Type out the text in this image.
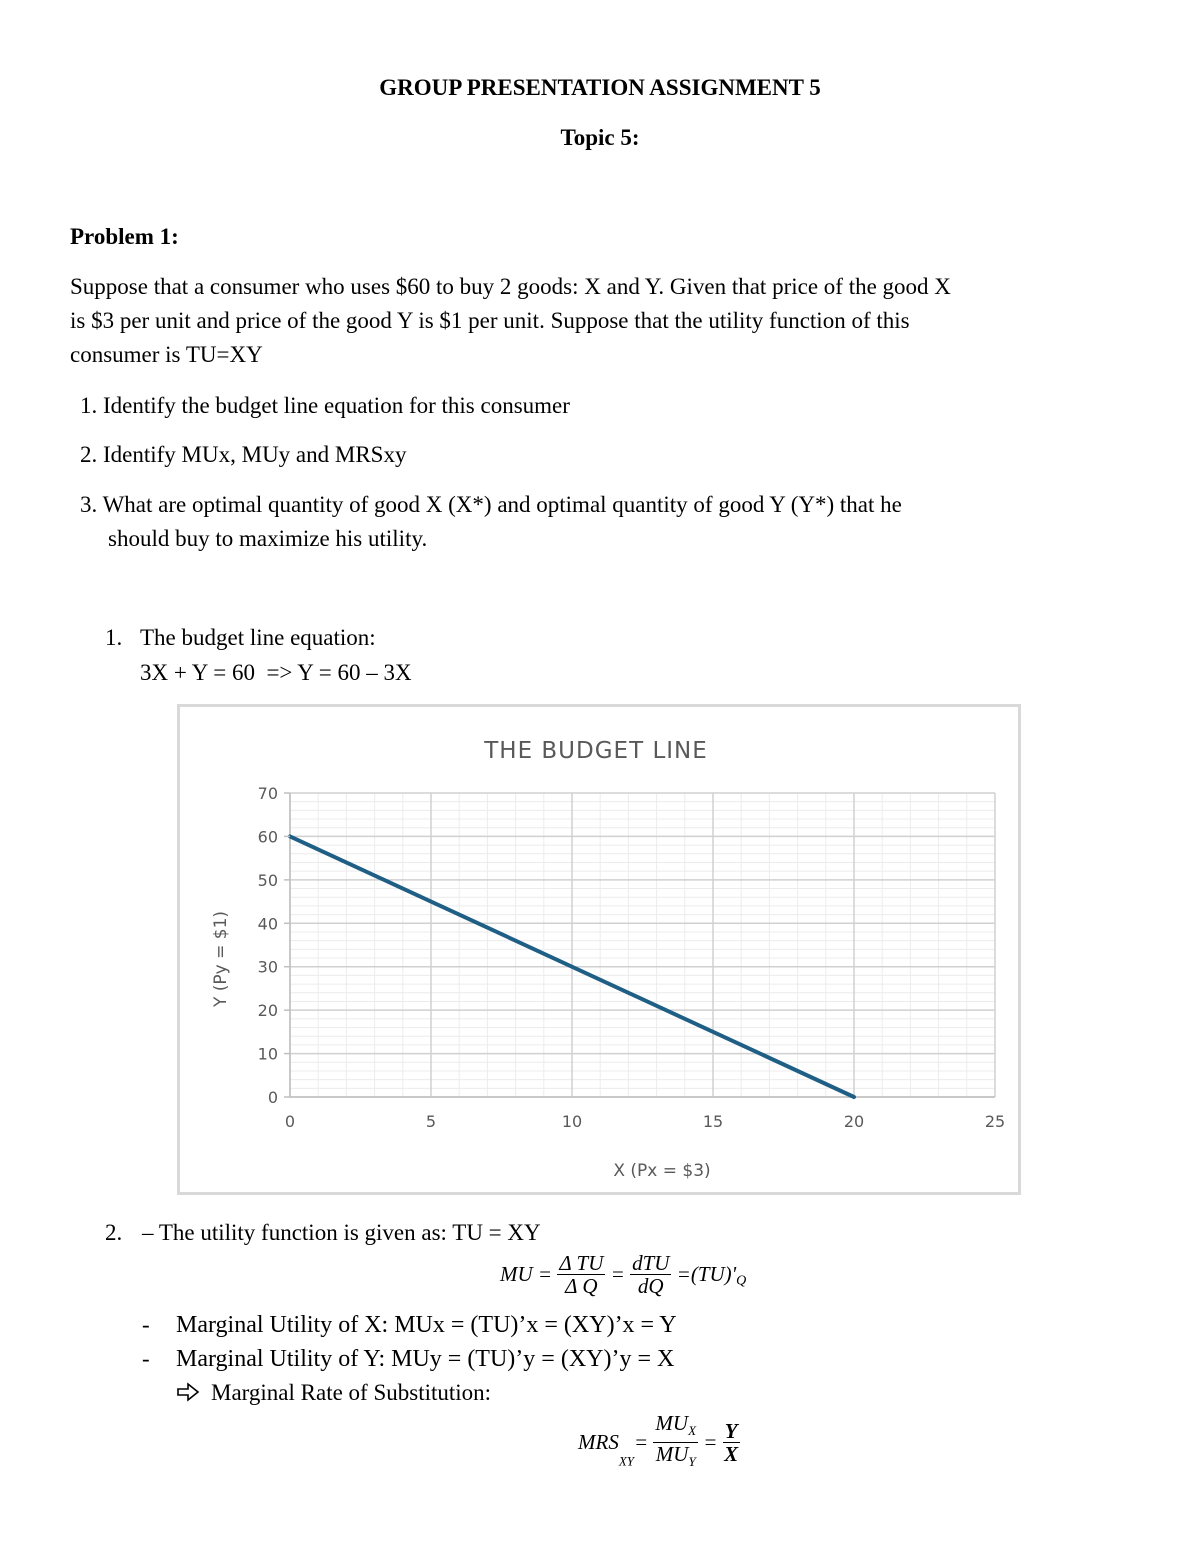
GROUP PRESENTATION ASSIGNMENT 5
Topic 5:
Problem 1:
Suppose that a consumer who uses $60 to buy 2 goods: X and Y. Given that price of the good X
is $3 per unit and price of the good Y is $1 per unit. Suppose that the utility function of this
consumer is TU=XY
1. Identify the budget line equation for this consumer
2. Identify MUx, MUy and MRSxy
3. What are optimal quantity of good X (X*) and optimal quantity of good Y (Y*) that he
should buy to maximize his utility.
1. The budget line equation:
3X + Y = 60  => Y = 60 – 3X
THE BUDGET LINE
0	5	10	15	20	25
0
10
20
30
40
50
60
70
X (Px = $3)
Y (Py = $1)
2. – The utility function is given as: TU = XY
MU = $\frac{\text{Δ TU}}{\text{Δ Q}} = \frac{\text{dTU}}{dQ} =(TU)'_Q$
- Marginal Utility of X: MUx = (TU)’x = (XY)’x = Y
- Marginal Utility of Y: MUy = (TU)’y = (XY)’y = X
Marginal Rate of Substitution:
$MRS_{XY}= \frac{MU_X}{MU_Y} = \frac{Y}{X}$
